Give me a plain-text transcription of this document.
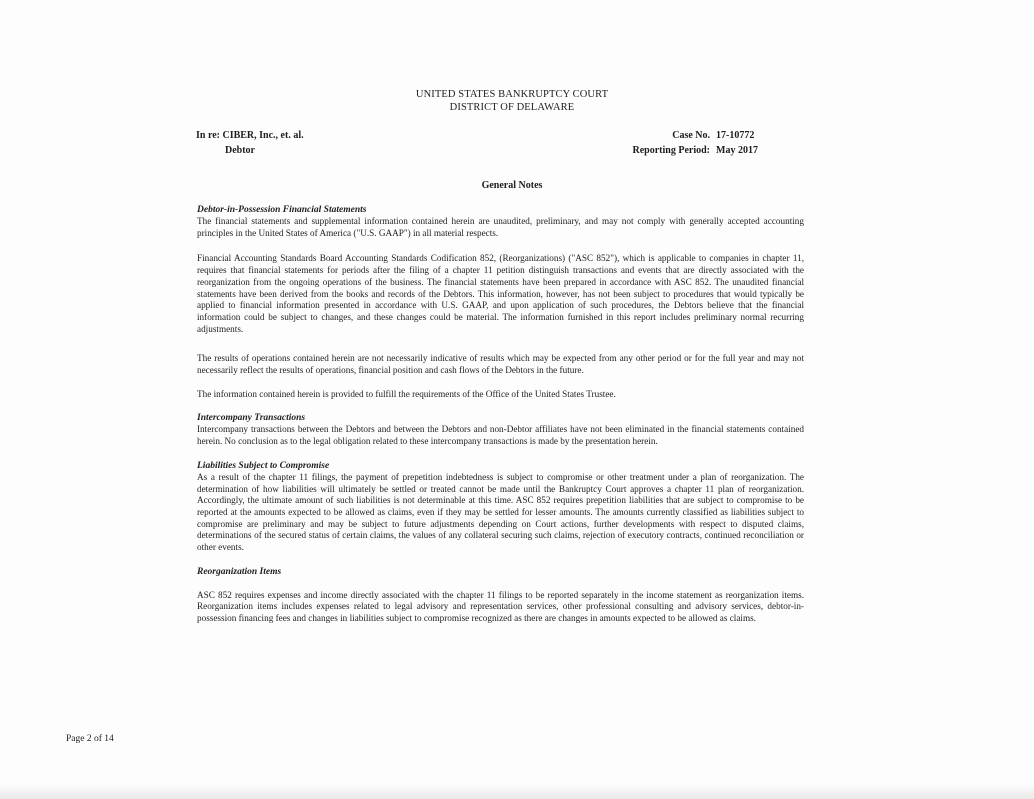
UNITED STATES BANKRUPTCY COURT
DISTRICT OF DELAWARE
In re: CIBER, Inc., et. al.
Debtor
Case No. 17-10772
Reporting Period: May 2017
General Notes
Debtor-in-Possession Financial Statements

The financial statements and supplemental information contained herein are unaudited, preliminary, and may not comply with generally accepted accounting principles in the United States of America ("U.S. GAAP") in all material respects.

Financial Accounting Standards Board Accounting Standards Codification 852, (Reorganizations) ("ASC 852"), which is applicable to companies in chapter 11, requires that financial statements for periods after the filing of a chapter 11 petition distinguish transactions and events that are directly associated with the reorganization from the ongoing operations of the business. The financial statements have been prepared in accordance with ASC 852. The unaudited financial statements have been derived from the books and records of the Debtors. This information, however, has not been subject to procedures that would typically be applied to financial information presented in accordance with U.S. GAAP, and upon application of such procedures, the Debtors believe that the financial information could be subject to changes, and these changes could be material. The information furnished in this report includes preliminary normal recurring adjustments.

The results of operations contained herein are not necessarily indicative of results which may be expected from any other period or for the full year and may not necessarily reflect the results of operations, financial position and cash flows of the Debtors in the future.

The information contained herein is provided to fulfill the requirements of the Office of the United States Trustee.

Intercompany Transactions

Intercompany transactions between the Debtors and between the Debtors and non-Debtor affiliates have not been eliminated in the financial statements contained herein. No conclusion as to the legal obligation related to these intercompany transactions is made by the presentation herein.

Liabilities Subject to Compromise

As a result of the chapter 11 filings, the payment of prepetition indebtedness is subject to compromise or other treatment under a plan of reorganization. The determination of how liabilities will ultimately be settled or treated cannot be made until the Bankruptcy Court approves a chapter 11 plan of reorganization. Accordingly, the ultimate amount of such liabilities is not determinable at this time. ASC 852 requires prepetition liabilities that are subject to compromise to be reported at the amounts expected to be allowed as claims, even if they may be settled for lesser amounts. The amounts currently classified as liabilities subject to compromise are preliminary and may be subject to future adjustments depending on Court actions, further developments with respect to disputed claims, determinations of the secured status of certain claims, the values of any collateral securing such claims, rejection of executory contracts, continued reconciliation or other events.

Reorganization Items

ASC 852 requires expenses and income directly associated with the chapter 11 filings to be reported separately in the income statement as reorganization items. Reorganization items includes expenses related to legal advisory and representation services, other professional consulting and advisory services, debtor-in-possession financing fees and changes in liabilities subject to compromise recognized as there are changes in amounts expected to be allowed as claims.

Page 2 of 14
